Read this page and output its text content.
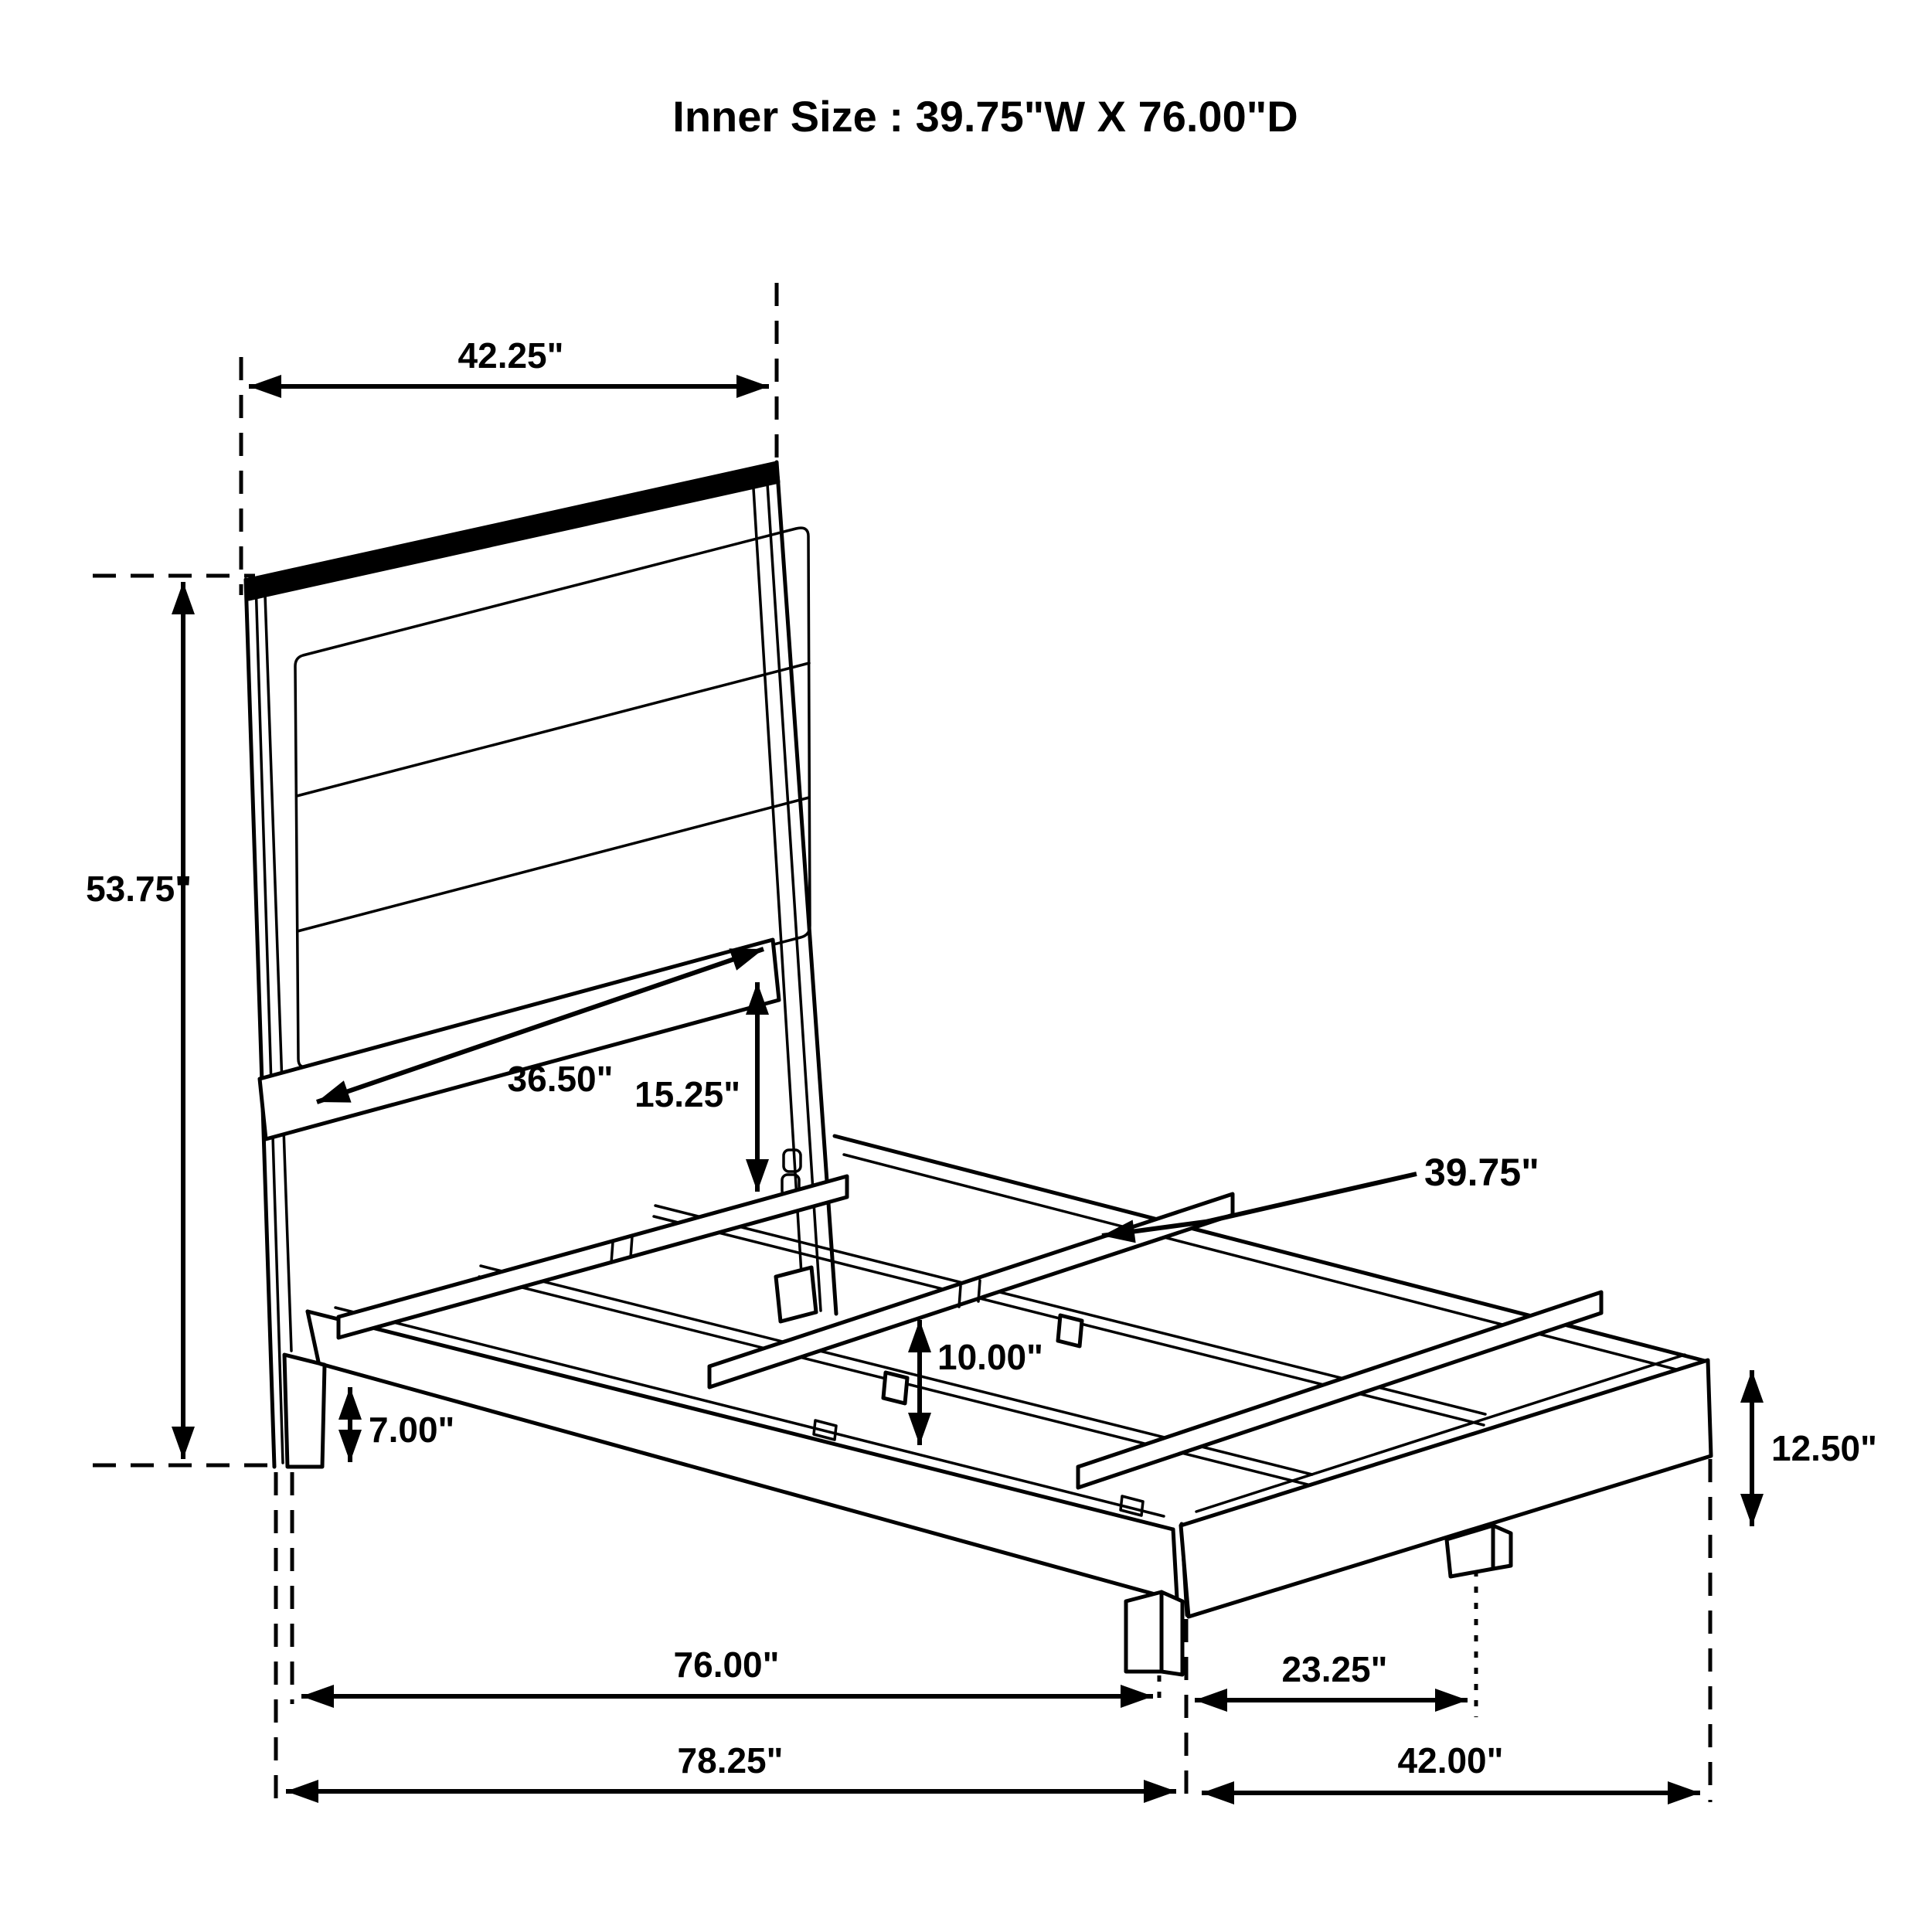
Inner Size : 39.75"W X 76.00"D
42.25"
53.75"
36.50" 15.25"
39.75"
10.00"
7.00"	12.50"
76.00"	23.25"
78.25"	42.00"
